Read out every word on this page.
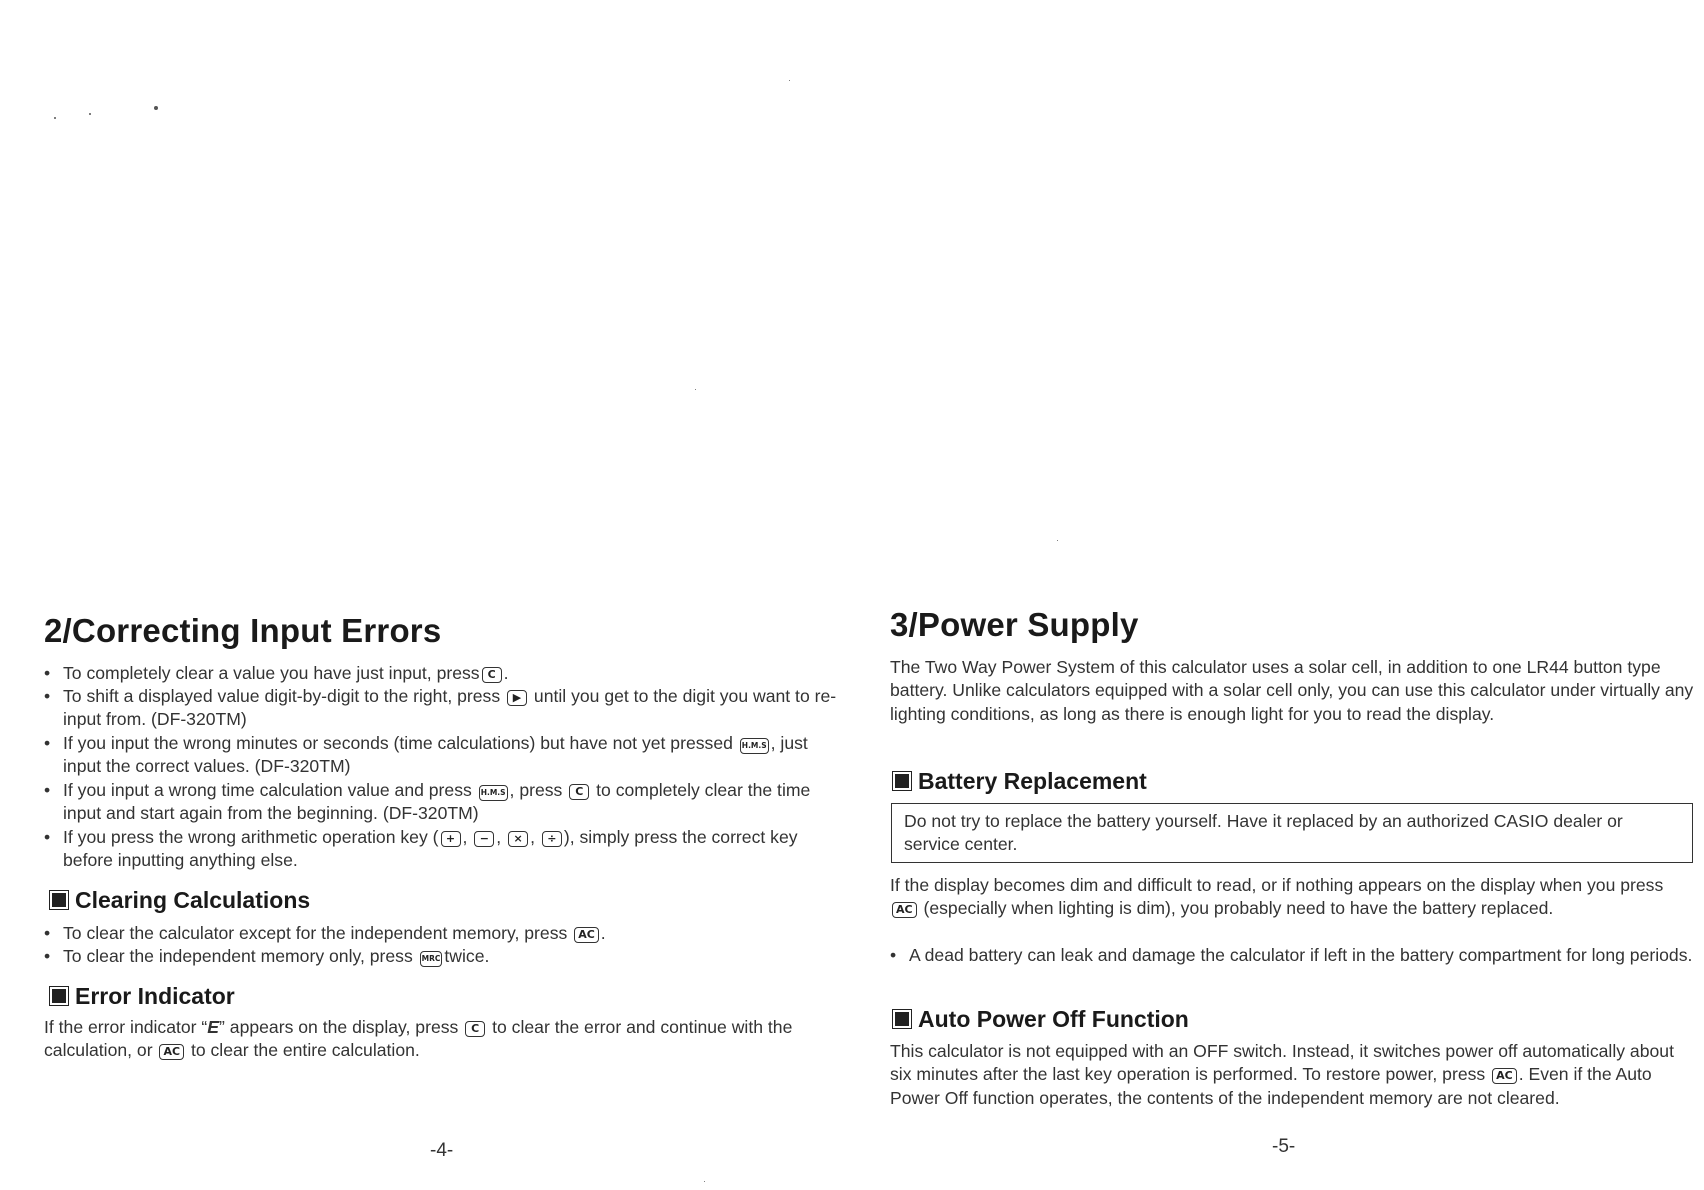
2/Correcting Input Errors
• To completely clear a value you have just input, press C .
• To shift a displayed value digit-by-digit to the right, press ▶ until you get to the digit you want to re-input from. (DF-320TM)
• If you input the wrong minutes or seconds (time calculations) but have not yet pressed H.M.S , just input the correct values. (DF-320TM)
• If you input a wrong time calculation value and press H.M.S , press C to completely clear the time input and start again from the beginning. (DF-320TM)
• If you press the wrong arithmetic operation key ( + , − , × , ÷ ), simply press the correct key before inputting anything else.
Clearing Calculations
• To clear the calculator except for the independent memory, press AC .
• To clear the independent memory only, press MRC twice.
Error Indicator

If the error indicator “E” appears on the display, press C to clear the error and continue with the calculation, or AC to clear the entire calculation.

-4-
3/Power Supply

The Two Way Power System of this calculator uses a solar cell, in addition to one LR44 button type battery. Unlike calculators equipped with a solar cell only, you can use this calculator under virtually any lighting conditions, as long as there is enough light for you to read the display.

Battery Replacement
Do not try to replace the battery yourself. Have it replaced by an authorized CASIO dealer or service center.

If the display becomes dim and difficult to read, or if nothing appears on the display when you press AC (especially when lighting is dim), you probably need to have the battery replaced.

• A dead battery can leak and damage the calculator if left in the battery compartment for long periods.
Auto Power Off Function

This calculator is not equipped with an OFF switch. Instead, it switches power off automatically about six minutes after the last key operation is performed. To restore power, press AC . Even if the Auto Power Off function operates, the contents of the independent memory are not cleared.

-5-
